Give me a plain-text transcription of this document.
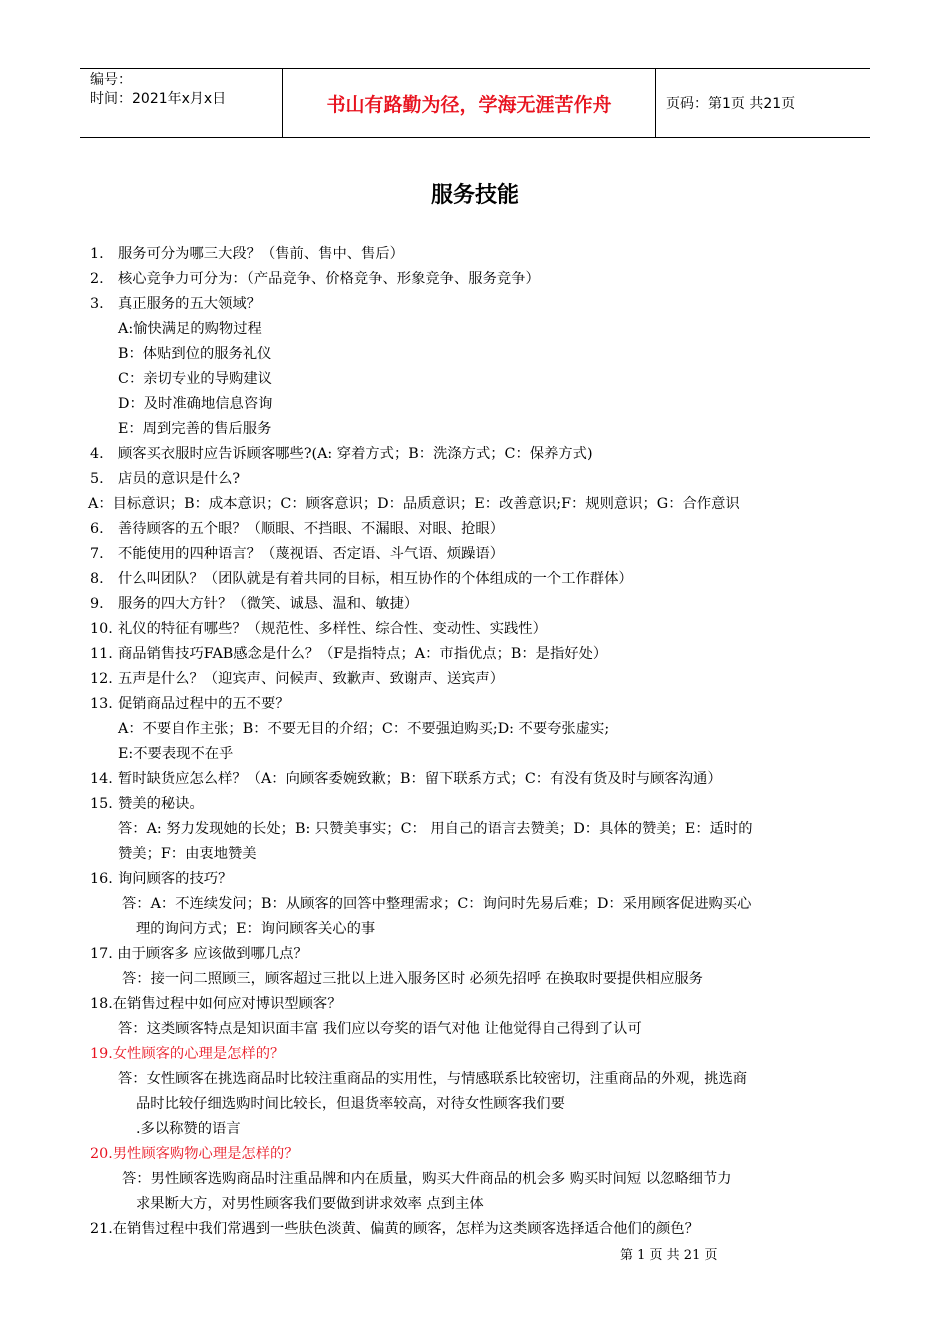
编号：
时间：2021年x月x日	书山有路勤为径，学海无涯苦作舟	页码：第1页 共21页
服务技能
1. 服务可分为哪三大段？（售前、售中、售后）
2. 核心竞争力可分为：（产品竞争、价格竞争、形象竞争、服务竞争）
3. 真正服务的五大领域？
A:愉快满足的购物过程
B：体贴到位的服务礼仪
C：亲切专业的导购建议
D：及时准确地信息咨询
E：周到完善的售后服务
4. 顾客买衣服时应告诉顾客哪些?(A: 穿着方式；B：洗涤方式；C：保养方式)
5. 店员的意识是什么?
A：目标意识；B：成本意识；C：顾客意识；D：品质意识；E：改善意识;F：规则意识；G：合作意识
6. 善待顾客的五个眼？（顺眼、不挡眼、不漏眼、对眼、抢眼）
7. 不能使用的四种语言？（蔑视语、否定语、斗气语、烦躁语）
8. 什么叫团队？（团队就是有着共同的目标，相互协作的个体组成的一个工作群体）
9. 服务的四大方针？（微笑、诚恳、温和、敏捷）
10. 礼仪的特征有哪些？（规范性、多样性、综合性、变动性、实践性）
11. 商品销售技巧FAB感念是什么？（F是指特点；A：市指优点；B：是指好处）
12. 五声是什么？（迎宾声、问候声、致歉声、致谢声、送宾声）
13. 促销商品过程中的五不要？
A：不要自作主张；B：不要无目的介绍；C：不要强迫购买;D: 不要夸张虚实;
E:不要表现不在乎
14. 暂时缺货应怎么样？（A：向顾客委婉致歉；B：留下联系方式；C：有没有货及时与顾客沟通）
15. 赞美的秘诀。
答：A: 努力发现她的长处；B: 只赞美事实；C： 用自己的语言去赞美；D：具体的赞美；E：适时的
赞美；F：由衷地赞美
16. 询问顾客的技巧？
答：A：不连续发问；B：从顾客的回答中整理需求；C：询问时先易后难；D：采用顾客促进购买心
理的询问方式；E：询问顾客关心的事
17. 由于顾客多 应该做到哪几点？
答：接一问二照顾三，顾客超过三批以上进入服务区时 必须先招呼 在换取时要提供相应服务
18.在销售过程中如何应对博识型顾客？
答：这类顾客特点是知识面丰富 我们应以夸奖的语气对他 让他觉得自己得到了认可
19.女性顾客的心理是怎样的？
答：女性顾客在挑选商品时比较注重商品的实用性，与情感联系比较密切，注重商品的外观，挑选商
品时比较仔细选购时间比较长，但退货率较高，对待女性顾客我们要
.多以称赞的语言
20.男性顾客购物心理是怎样的？
答：男性顾客选购商品时注重品牌和内在质量，购买大件商品的机会多 购买时间短 以忽略细节力
求果断大方，对男性顾客我们要做到讲求效率 点到主体
21.在销售过程中我们常遇到一些肤色淡黄、偏黄的顾客，怎样为这类顾客选择适合他们的颜色？
第 1 页 共 21 页
